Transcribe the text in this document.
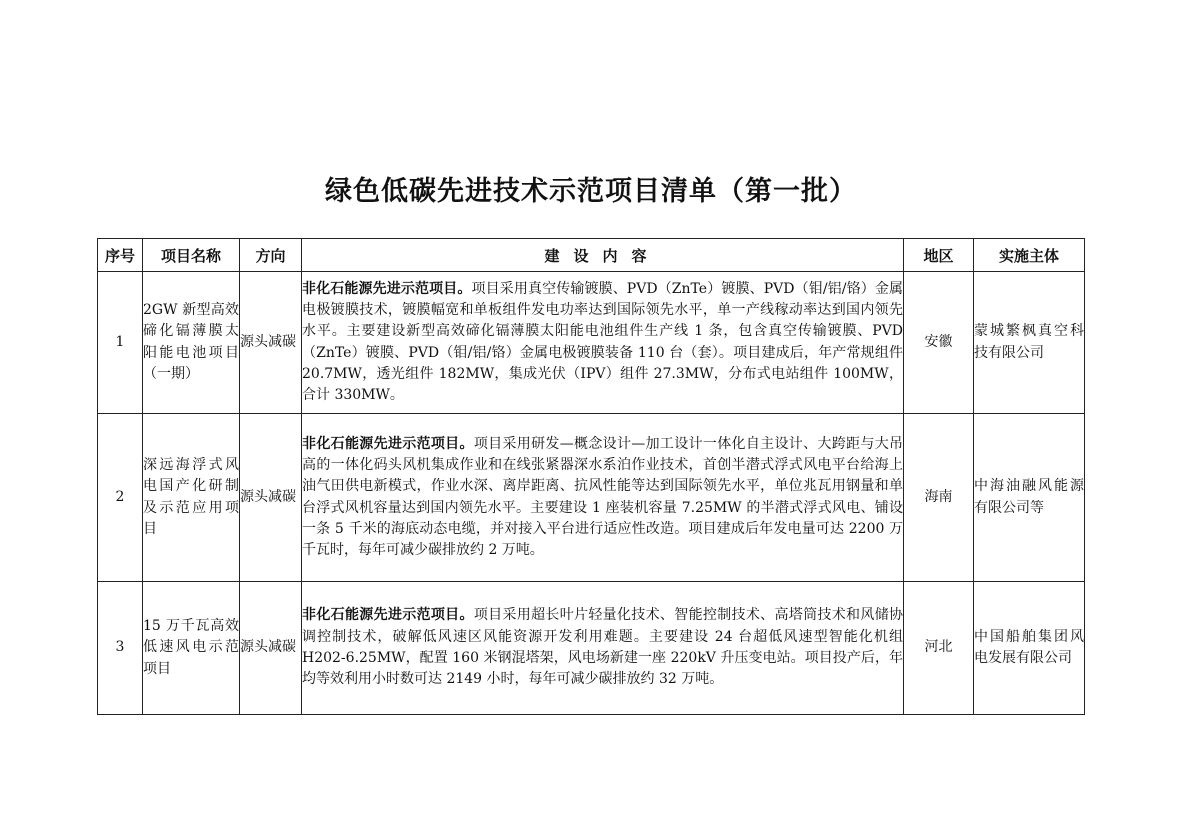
绿色低碳先进技术示范项目清单（第一批）
序号	项目名称	方向	建设内容	地区	实施主体
1	2GW 新型高效碲化镉薄膜太阳能电池项目（一期）	源头减碳	非化石能源先进示范项目。项目采用真空传输镀膜、PVD（ZnTe）镀膜、PVD（钼/铝/铬）金属电极镀膜技术，镀膜幅宽和单板组件发电功率达到国际领先水平，单一产线稼动率达到国内领先水平。主要建设新型高效碲化镉薄膜太阳能电池组件生产线 1 条，包含真空传输镀膜、PVD（ZnTe）镀膜、PVD（钼/铝/铬）金属电极镀膜装备 110 台（套）。项目建成后，年产常规组件 20.7MW，透光组件 182MW，集成光伏（IPV）组件 27.3MW，分布式电站组件 100MW，合计 330MW。	安徽	蒙城繁枫真空科技有限公司
2	深远海浮式风电国产化研制及示范应用项目	源头减碳	非化石能源先进示范项目。项目采用研发—概念设计—加工设计一体化自主设计、大跨距与大吊高的一体化码头风机集成作业和在线张紧器深水系泊作业技术，首创半潜式浮式风电平台给海上油气田供电新模式，作业水深、离岸距离、抗风性能等达到国际领先水平，单位兆瓦用钢量和单台浮式风机容量达到国内领先水平。主要建设 1 座装机容量 7.25MW 的半潜式浮式风电、铺设一条 5 千米的海底动态电缆，并对接入平台进行适应性改造。项目建成后年发电量可达 2200 万千瓦时，每年可减少碳排放约 2 万吨。	海南	中海油融风能源有限公司等
3	15 万千瓦高效低速风电示范项目	源头减碳	非化石能源先进示范项目。项目采用超长叶片轻量化技术、智能控制技术、高塔筒技术和风储协调控制技术，破解低风速区风能资源开发利用难题。主要建设 24 台超低风速型智能化机组 H202-6.25MW，配置 160 米钢混塔架，风电场新建一座 220kV 升压变电站。项目投产后，年均等效利用小时数可达 2149 小时，每年可减少碳排放约 32 万吨。	河北	中国船舶集团风电发展有限公司
